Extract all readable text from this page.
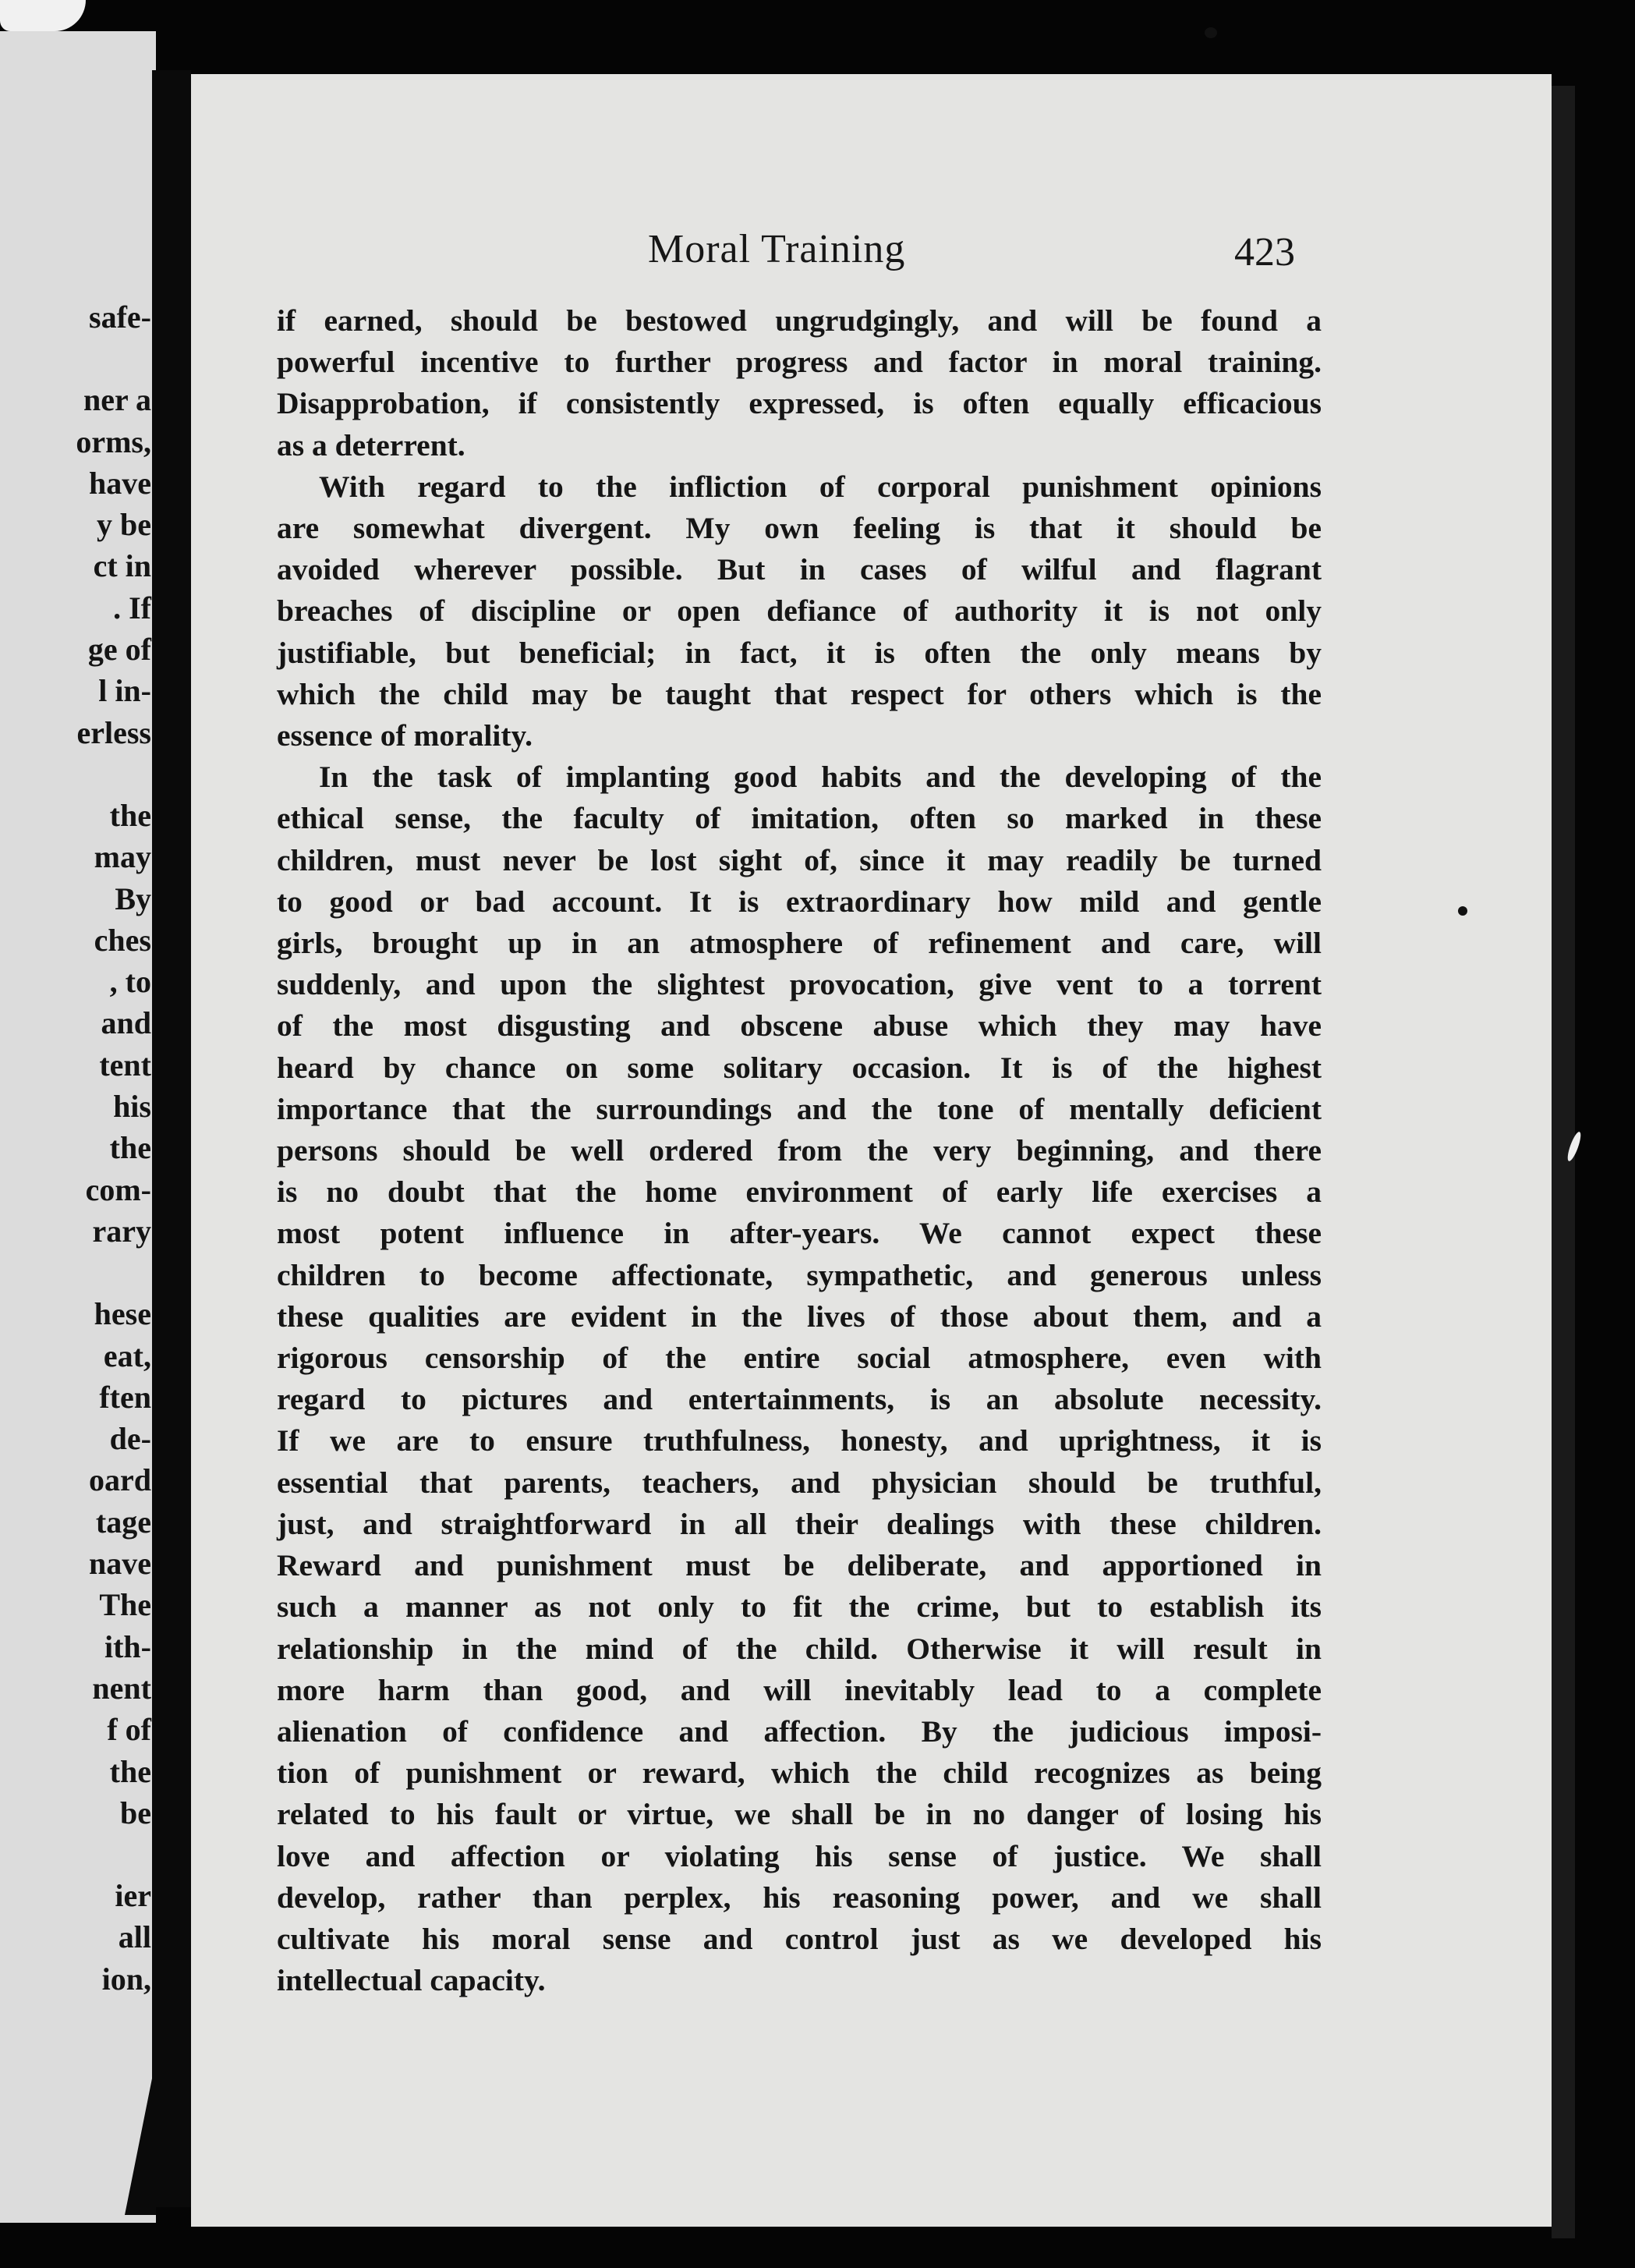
safe-
ner a
orms,
have
y be
ct in
. If
ge of
l in-
erless
the
may
By
ches
, to
and
tent
his
the
com-
rary
hese
eat,
ften
de-
oard
tage
nave
The
ith-
nent
f of
the
be
ier
all
ion,
Moral Training	423
if earned, should be bestowed ungrudgingly, and will be found a
powerful incentive to further progress and factor in moral training.
Disapprobation, if consistently expressed, is often equally efficacious
as a deterrent.
With regard to the infliction of corporal punishment opinions
are somewhat divergent. My own feeling is that it should be
avoided wherever possible. But in cases of wilful and flagrant
breaches of discipline or open defiance of authority it is not only
justifiable, but beneficial; in fact, it is often the only means by
which the child may be taught that respect for others which is the
essence of morality.
In the task of implanting good habits and the developing of the
ethical sense, the faculty of imitation, often so marked in these
children, must never be lost sight of, since it may readily be turned
to good or bad account. It is extraordinary how mild and gentle
girls, brought up in an atmosphere of refinement and care, will
suddenly, and upon the slightest provocation, give vent to a torrent
of the most disgusting and obscene abuse which they may have
heard by chance on some solitary occasion. It is of the highest
importance that the surroundings and the tone of mentally deficient
persons should be well ordered from the very beginning, and there
is no doubt that the home environment of early life exercises a
most potent influence in after-years. We cannot expect these
children to become affectionate, sympathetic, and generous unless
these qualities are evident in the lives of those about them, and a
rigorous censorship of the entire social atmosphere, even with
regard to pictures and entertainments, is an absolute necessity.
If we are to ensure truthfulness, honesty, and uprightness, it is
essential that parents, teachers, and physician should be truthful,
just, and straightforward in all their dealings with these children.
Reward and punishment must be deliberate, and apportioned in
such a manner as not only to fit the crime, but to establish its
relationship in the mind of the child. Otherwise it will result in
more harm than good, and will inevitably lead to a complete
alienation of confidence and affection. By the judicious imposi-
tion of punishment or reward, which the child recognizes as being
related to his fault or virtue, we shall be in no danger of losing his
love and affection or violating his sense of justice. We shall
develop, rather than perplex, his reasoning power, and we shall
cultivate his moral sense and control just as we developed his
intellectual capacity.
